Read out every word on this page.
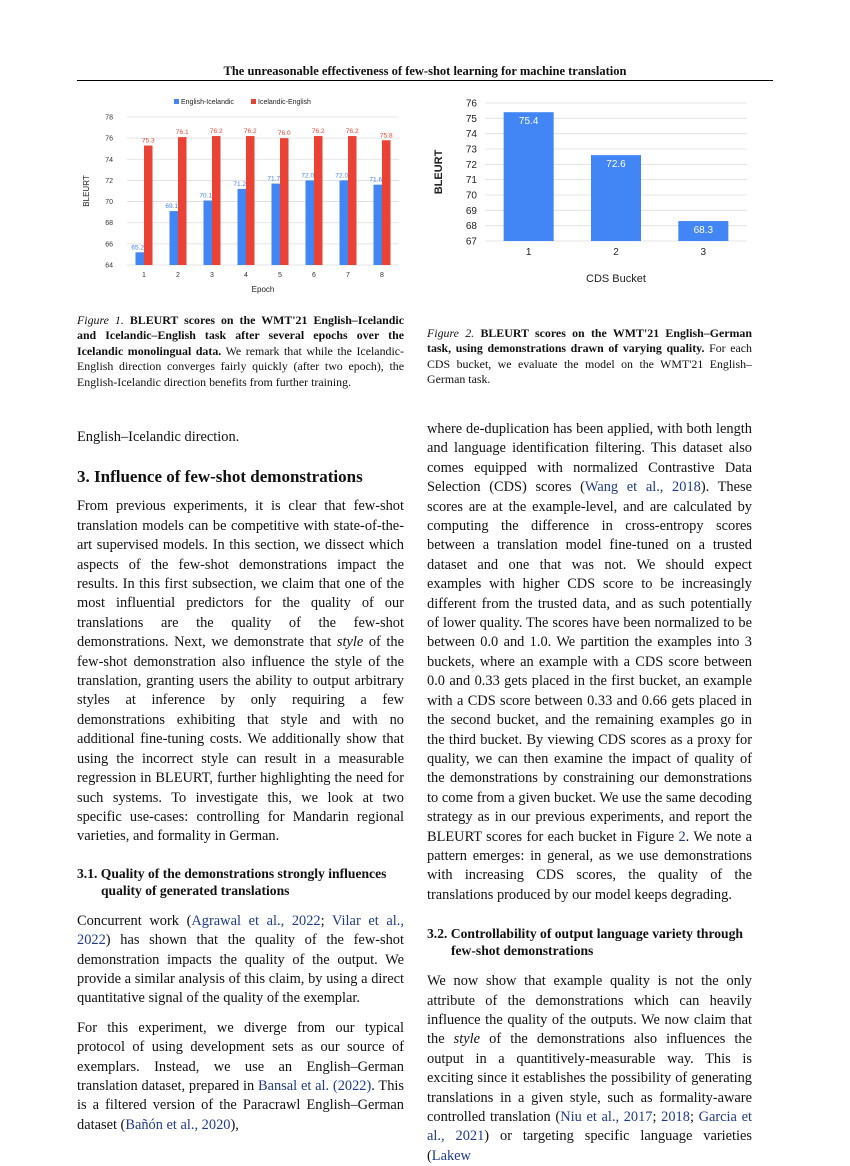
The unreasonable effectiveness of few-shot learning for machine translation
64
66
68
70
72
74
76
78
65.2
75.3
1
69.1
76.1
2
70.1
76.2
3
71.2
76.2
4
71.7
76.0
5
72.0
76.2
6
72.0
76.2
7
71.6
75.8
8
Epoch
BLEURT
English-Icelandic	Icelandic-English
67
68
69
70
71
72
73
74
75
76
75.4
1
72.6
2
68.3
3
CDS Bucket
BLEURT
Figure 1. BLEURT scores on the WMT'21 English–Icelandic and Icelandic–English task after several epochs over the Icelandic monolingual data. We remark that while the Icelandic-English direction converges fairly quickly (after two epoch), the English-Icelandic direction benefits from further training.
Figure 2. BLEURT scores on the WMT'21 English–German task, using demonstrations drawn of varying quality. For each CDS bucket, we evaluate the model on the WMT'21 English–German task.

English–Icelandic direction.

3. Influence of few-shot demonstrations

From previous experiments, it is clear that few-shot translation models can be competitive with state-of-the-art supervised models. In this section, we dissect which aspects of the few-shot demonstrations impact the results. In this first subsection, we claim that one of the most influential predictors for the quality of our translations are the quality of the few-shot demonstrations. Next, we demonstrate that style of the few-shot demonstration also influence the style of the translation, granting users the ability to output arbitrary styles at inference by only requiring a few demonstrations exhibiting that style and with no additional fine-tuning costs. We additionally show that using the incorrect style can result in a measurable regression in BLEURT, further highlighting the need for such systems. To investigate this, we look at two specific use-cases: controlling for Mandarin regional varieties, and formality in German.

3.1. Quality of the demonstrations strongly influences quality of generated translations

Concurrent work (Agrawal et al., 2022; Vilar et al., 2022) has shown that the quality of the few-shot demonstration impacts the quality of the output. We provide a similar analysis of this claim, by using a direct quantitative signal of the quality of the exemplar.

For this experiment, we diverge from our typical protocol of using development sets as our source of exemplars. Instead, we use an English–German translation dataset, prepared in Bansal et al. (2022). This is a filtered version of the Paracrawl English–German dataset (Bañón et al., 2020),

where de-duplication has been applied, with both length and language identification filtering. This dataset also comes equipped with normalized Contrastive Data Selection (CDS) scores (Wang et al., 2018). These scores are at the example-level, and are calculated by computing the difference in cross-entropy scores between a translation model fine-tuned on a trusted dataset and one that was not. We should expect examples with higher CDS score to be increasingly different from the trusted data, and as such potentially of lower quality. The scores have been normalized to be between 0.0 and 1.0. We partition the examples into 3 buckets, where an example with a CDS score between 0.0 and 0.33 gets placed in the first bucket, an example with a CDS score between 0.33 and 0.66 gets placed in the second bucket, and the remaining examples go in the third bucket. By viewing CDS scores as a proxy for quality, we can then examine the impact of quality of the demonstrations by constraining our demonstrations to come from a given bucket. We use the same decoding strategy as in our previous experiments, and report the BLEURT scores for each bucket in Figure 2. We note a pattern emerges: in general, as we use demonstrations with increasing CDS scores, the quality of the translations produced by our model keeps degrading.

3.2. Controllability of output language variety through few-shot demonstrations

We now show that example quality is not the only attribute of the demonstrations which can heavily influence the quality of the outputs. We now claim that the style of the demonstrations also influences the output in a quantitively-measurable way. This is exciting since it establishes the possibility of generating translations in a given style, such as formality-aware controlled translation (Niu et al., 2017; 2018; Garcia et al., 2021) or targeting specific language varieties (Lakew
